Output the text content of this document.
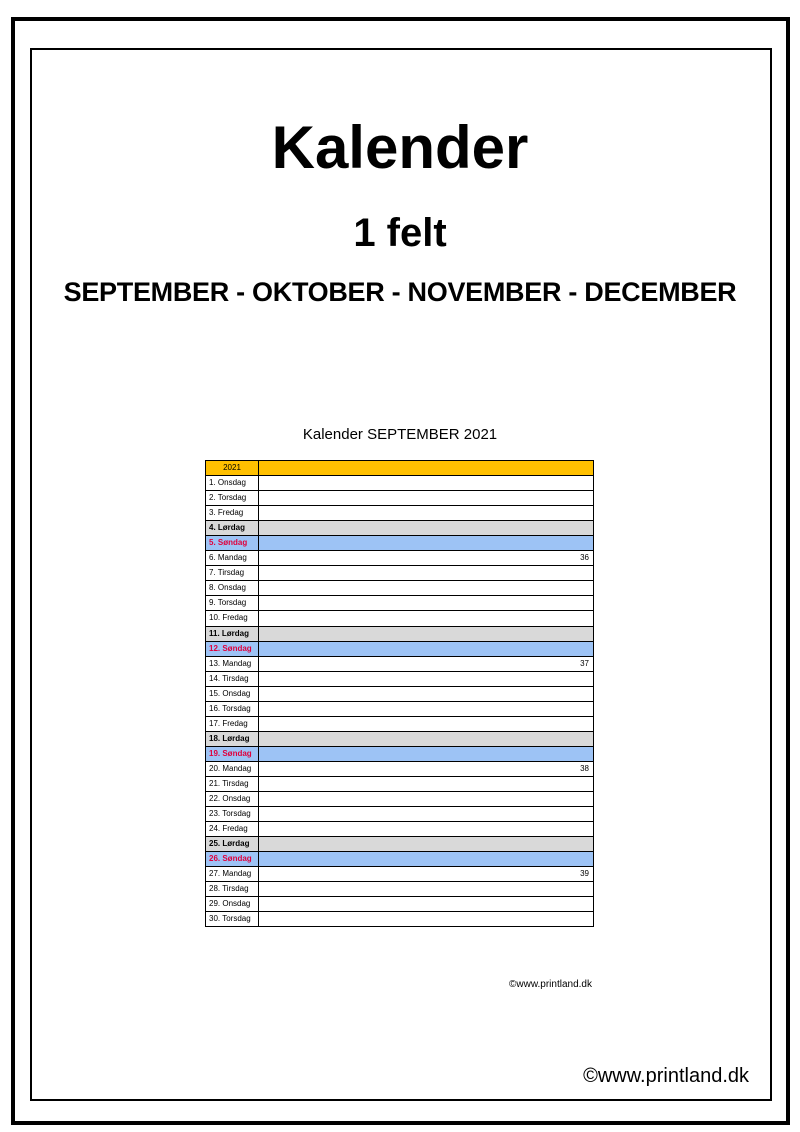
Kalender
1 felt
SEPTEMBER - OKTOBER - NOVEMBER - DECEMBER
Kalender SEPTEMBER 2021
2021	
1. Onsdag	
2. Torsdag	
3. Fredag	
4. Lørdag	
5. Søndag	
6. Mandag	36
7. Tirsdag	
8. Onsdag	
9. Torsdag	
10. Fredag	
11. Lørdag	
12. Søndag	
13. Mandag	37
14. Tirsdag	
15. Onsdag	
16. Torsdag	
17. Fredag	
18. Lørdag	
19. Søndag	
20. Mandag	38
21. Tirsdag	
22. Onsdag	
23. Torsdag	
24. Fredag	
25. Lørdag	
26. Søndag	
27. Mandag	39
28. Tirsdag	
29. Onsdag	
30. Torsdag	
©www.printland.dk
©www.printland.dk
